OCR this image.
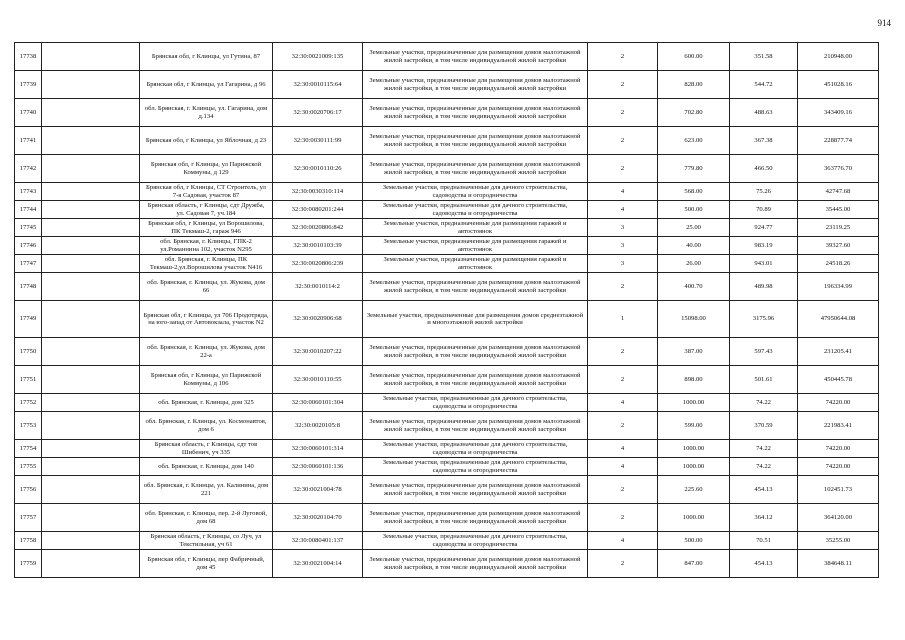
914
17738		Брянская обл, г Клинцы, ул Гутина, 87	32:30:0021009:135	Земельные участки, предназначенные для размещения домов малоэтажной жилой застройки, в том числе индивидуальной жилой застройки	2	600.00	351.58	210948.00
17739		Брянская обл, г Клинцы, ул Гагарина, д 96	32:30:0010115:64	Земельные участки, предназначенные для размещения домов малоэтажной жилой застройки, в том числе индивидуальной жилой застройки	2	828.00	544.72	451028.16
17740		обл. Брянская, г. Клинцы, ул. Гагарина, дом д.134	32:30:0020706:17	Земельные участки, предназначенные для размещения домов малоэтажной жилой застройки, в том числе индивидуальной жилой застройки	2	702.80	488.63	343409.16
17741		Брянская обл, г Клинцы, ул Яблочная, д 23	32:30:0030111:99	Земельные участки, предназначенные для размещения домов малоэтажной жилой застройки, в том числе индивидуальной жилой застройки	2	623.00	367.38	228877.74
17742		Брянская обл, г Клинцы, ул Парижской Коммуны, д 129	32:30:0010110:26	Земельные участки, предназначенные для размещения домов малоэтажной жилой застройки, в том числе индивидуальной жилой застройки	2	779.80	466.50	363776.70
17743		Брянская обл, г Клинцы, СТ Строитель, ул 7-я Садовая, участок 87	32:30:0030310:114	Земельные участки, предназначенные для дачного строительства, садоводства и огородничества	4	568.00	75.26	42747.68
17744		Брянская область, г Клинцы, сдт Дружба, ул. Садовая 7, уч.184	32:30:0080201:244	Земельные участки, предназначенные для дачного строительства, садоводства и огородничества	4	500.00	70.89	35445.00
17745		Брянская обл, г Клинцы, ул Ворошилова, ПК Текмаш-2, гараж 946	32:30:0020806:842	Земельные участки, предназначенные для размещения гаражей и автостоянок	3	25.00	924.77	23119.25
17746		обл. Брянская, г. Клинцы, ГПК-2 ул.Романнина 102, участок N295	32:30:0010103:39	Земельные участки, предназначенные для размещения гаражей и автостоянок	3	40.00	983.19	39327.60
17747		обл. Брянская, г. Клинцы, ПК Текмаш-2,ул.Ворошилова участок N416	32:30:0020806:239	Земельные участки, предназначенные для размещения гаражей и автостоянок	3	26.00	943.01	24518.26
17748		обл. Брянская, г. Клинцы, ул. Жукова, дом 66	32:30:0010114:2	Земельные участки, предназначенные для размещения домов малоэтажной жилой застройки, в том числе индивидуальной жилой застройки	2	400.70	489.98	196334.99
17749		Брянская обл, г Клинцы, ул 706 Продотряда, на юго-запад от Автовокзала, участок N2	32:30:0020906:68	Земельные участки, предназначенные для размещения домов среднеэтажной и многоэтажной жилой застройки	1	15098.00	3175.96	47950644.08
17750		обл. Брянская, г. Клинцы, ул. Жукова, дом 22-а	32:30:0010207:22	Земельные участки, предназначенные для размещения домов малоэтажной жилой застройки, в том числе индивидуальной жилой застройки	2	387.00	597.43	231205.41
17751		Брянская обл, г Клинцы, ул Парижской Коммуны, д 106	32:30:0010110:55	Земельные участки, предназначенные для размещения домов малоэтажной жилой застройки, в том числе индивидуальной жилой застройки	2	898.00	501.61	450445.78
17752		обл. Брянская, г. Клинцы, дом 325	32:30:0060101:304	Земельные участки, предназначенные для дачного строительства, садоводства и огородничества	4	1000.00	74.22	74220.00
17753		обл. Брянская, г. Клинцы, ул. Космонавтов, дом 6	32:30:0020105:8	Земельные участки, предназначенные для размещения домов малоэтажной жилой застройки, в том числе индивидуальной жилой застройки	2	599.00	370.59	221983.41
17754		Брянская область, г Клинцы, сдт тов Шибенич, уч 335	32:30:0060101:314	Земельные участки, предназначенные для дачного строительства, садоводства и огородничества	4	1000.00	74.22	74220.00
17755		обл. Брянская, г. Клинцы, дом 140	32:30:0060101:136	Земельные участки, предназначенные для дачного строительства, садоводства и огородничества	4	1000.00	74.22	74220.00
17756		обл. Брянская, г. Клинцы, ул. Калинина, дом 221	32:30:0021004:78	Земельные участки, предназначенные для размещения домов малоэтажной жилой застройки, в том числе индивидуальной жилой застройки	2	225.60	454.13	102451.73
17757		обл. Брянская, г. Клинцы, пер. 2-й Луговой, дом 68	32:30:0020104:70	Земельные участки, предназначенные для размещения домов малоэтажной жилой застройки, в том числе индивидуальной жилой застройки	2	1000.00	364.12	364120.00
17758		Брянская область, г Клинцы, со Луч, ул Текстильная, уч 61	32:30:0080401:137	Земельные участки, предназначенные для дачного строительства, садоводства и огородничества	4	500.00	70.51	35255.00
17759		Брянская обл, г Клинцы, пер Фабричный, дом 45	32:30:0021004:14	Земельные участки, предназначенные для размещения домов малоэтажной жилой застройки, в том числе индивидуальной жилой застройки	2	847.00	454.13	384648.11
